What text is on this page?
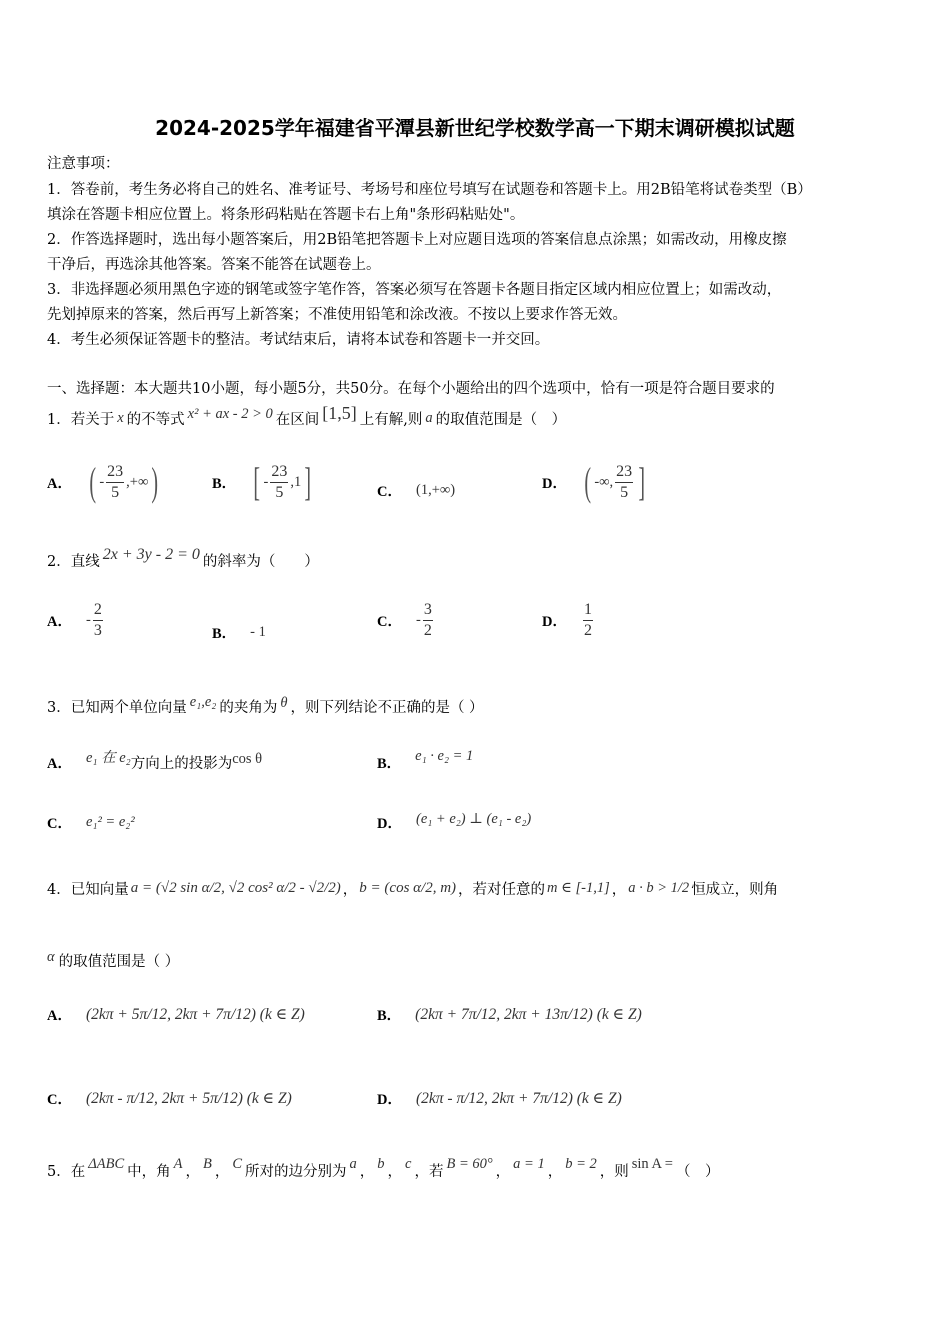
2024-2025学年福建省平潭县新世纪学校数学高一下期末调研模拟试题
注意事项：
1．答卷前，考生务必将自己的姓名、准考证号、考场号和座位号填写在试题卷和答题卡上。用2B铅笔将试卷类型（B）
填涂在答题卡相应位置上。将条形码粘贴在答题卡右上角"条形码粘贴处"。
2．作答选择题时，选出每小题答案后，用2B铅笔把答题卡上对应题目选项的答案信息点涂黑；如需改动，用橡皮擦
干净后，再选涂其他答案。答案不能答在试题卷上。
3．非选择题必须用黑色字迹的钢笔或签字笔作答，答案必须写在答题卡各题目指定区域内相应位置上；如需改动，
先划掉原来的答案，然后再写上新答案；不准使用铅笔和涂改液。不按以上要求作答无效。
4．考生必须保证答题卡的整洁。考试结束后，请将本试卷和答题卡一并交回。
一、选择题：本大题共10小题，每小题5分，共50分。在每个小题给出的四个选项中，恰有一项是符合题目要求的
1． 若关于 x 的不等式 x² + ax - 2 > 0 在区间 [1,5] 上有解,则 a 的取值范围是（　）
A． ( - $\frac{23}{5}$ ,+∞ )	B． [ - $\frac{23}{5} ,1$ ]	C． (1,+∞)	D． ( -∞, $\frac{23}{5}$ ]
2． 直线 2x + 3y - 2 = 0 的斜率为（　　）
A． - $\frac{2}{3}$	B． - 1
C． - $\frac{3}{2}$	D． $\frac{1}{2}$
3． 已知两个单位向量 e₁,e₂ 的夹角为 θ ，则下列结论不正确的是（ ）
A． e₁ 在 e₂ 方向上的投影为 cos θ	B． e₁ · e₂ = 1
C． e₁² = e₂²	D． (e₁ + e₂) ⊥ (e₁ - e₂)
4． 已知向量 a = (√2 sin α/2, √2 cos² α/2 - √2/2) ， b = (cos α/2, m) ，若对任意的 m ∈ [-1,1] ， a · b > 1/2 恒成立，则角
α 的取值范围是（ ）
A． (2kπ + 5π/12, 2kπ + 7π/12) (k ∈ Z)	B． (2kπ + 7π/12, 2kπ + 13π/12) (k ∈ Z)
C． (2kπ - π/12, 2kπ + 5π/12) (k ∈ Z)	D． (2kπ - π/12, 2kπ + 7π/12) (k ∈ Z)
5． 在 ΔABC 中，角 A ， B ， C 所对的边分别为 a ， b ， c ，若 B = 60° ， a = 1 ， b = 2 ，则 sin A = （　）
